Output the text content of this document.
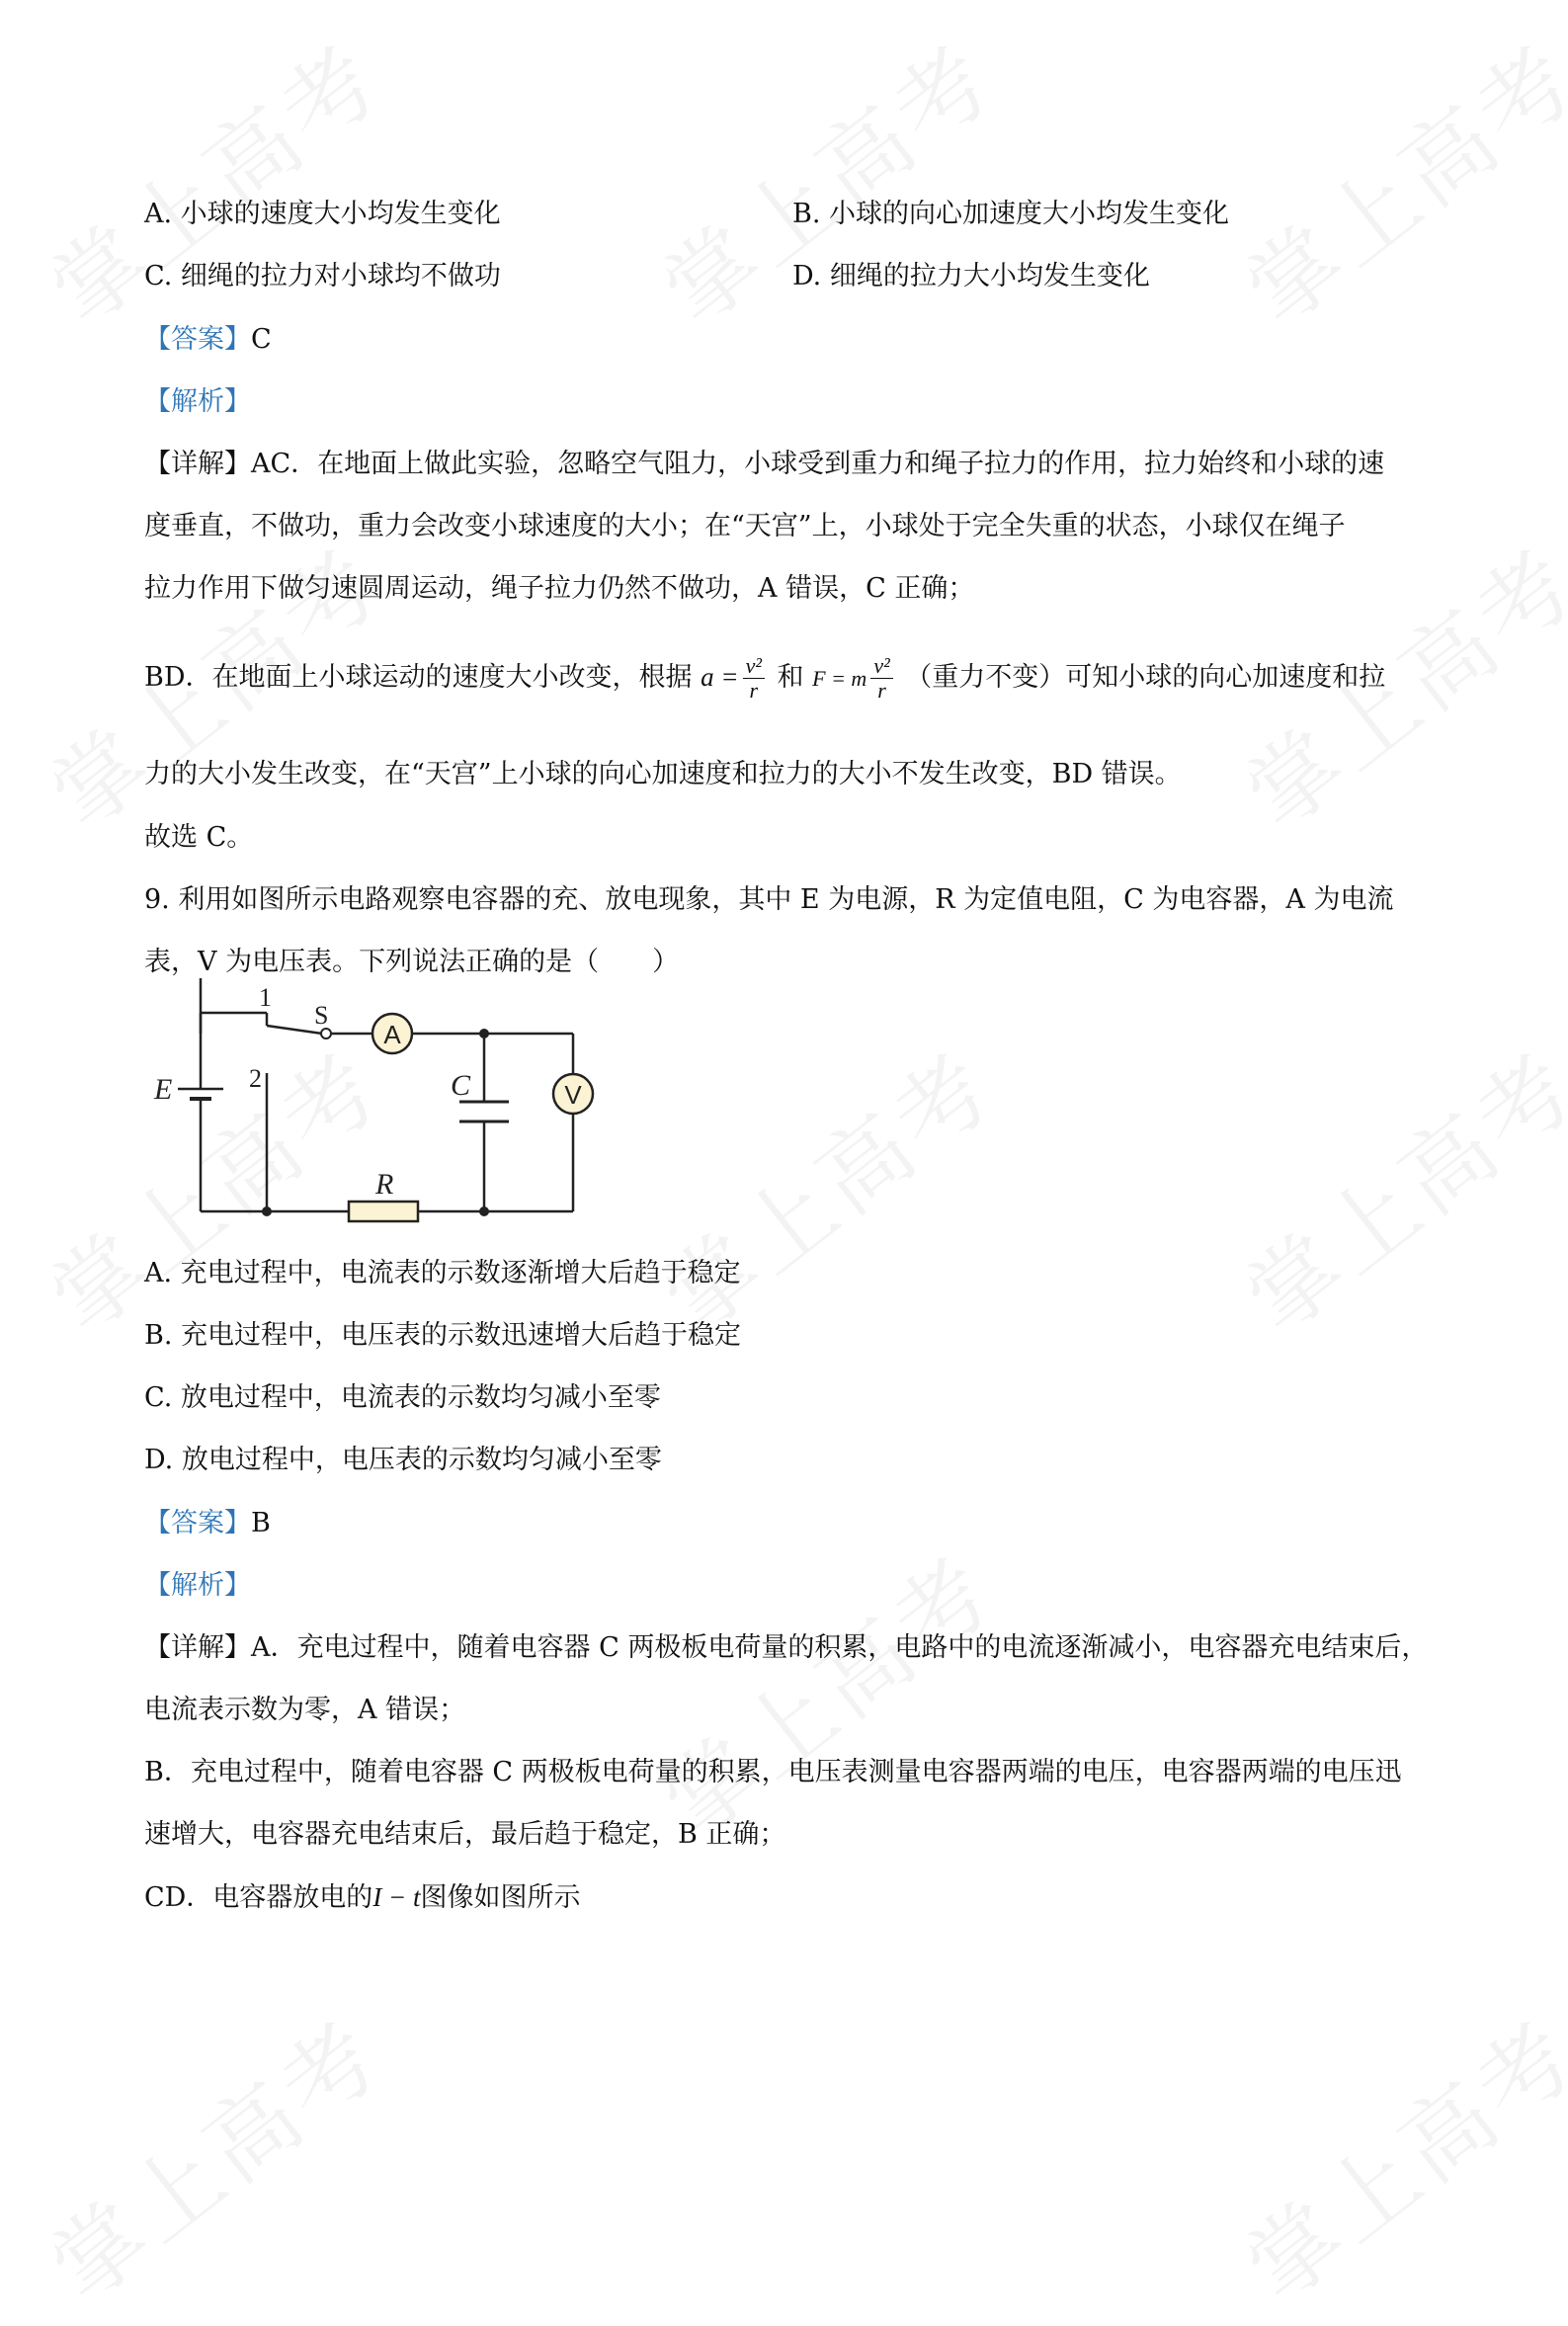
A. 小球的速度大小均发生变化	B. 小球的向心加速度大小均发生变化
C. 细绳的拉力对小球均不做功	D. 细绳的拉力大小均发生变化
【答案】C
【解析】
【详解】AC．在地面上做此实验，忽略空气阻力，小球受到重力和绳子拉力的作用，拉力始终和小球的速
度垂直，不做功，重力会改变小球速度的大小；在“天宫”上，小球处于完全失重的状态，小球仅在绳子
拉力作用下做匀速圆周运动，绳子拉力仍然不做功，A 错误，C 正确；
BD．在地面上小球运动的速度大小改变，根据 $a = \frac{\text{v²}}{r}$ 和 F = m $\frac{\text{v²}}{r}$ （重力不变）可知小球的向心加速度和拉
力的大小发生改变，在“天宫”上小球的向心加速度和拉力的大小不发生改变，BD 错误。
故选 C。
9. 利用如图所示电路观察电容器的充、放电现象，其中 E 为电源，R 为定值电阻，C 为电容器，A 为电流
表，V 为电压表。下列说法正确的是（　　）
A
V
1
2
S
E	C
R
A. 充电过程中，电流表的示数逐渐增大后趋于稳定
B. 充电过程中，电压表的示数迅速增大后趋于稳定
C. 放电过程中，电流表的示数均匀减小至零
D. 放电过程中，电压表的示数均匀减小至零
【答案】B
【解析】
【详解】A．充电过程中，随着电容器 C 两极板电荷量的积累，电路中的电流逐渐减小，电容器充电结束后，
电流表示数为零，A 错误；
B．充电过程中，随着电容器 C 两极板电荷量的积累，电压表测量电容器两端的电压，电容器两端的电压迅
速增大，电容器充电结束后，最后趋于稳定，B 正确；
CD．电容器放电的I − t图像如图所示
